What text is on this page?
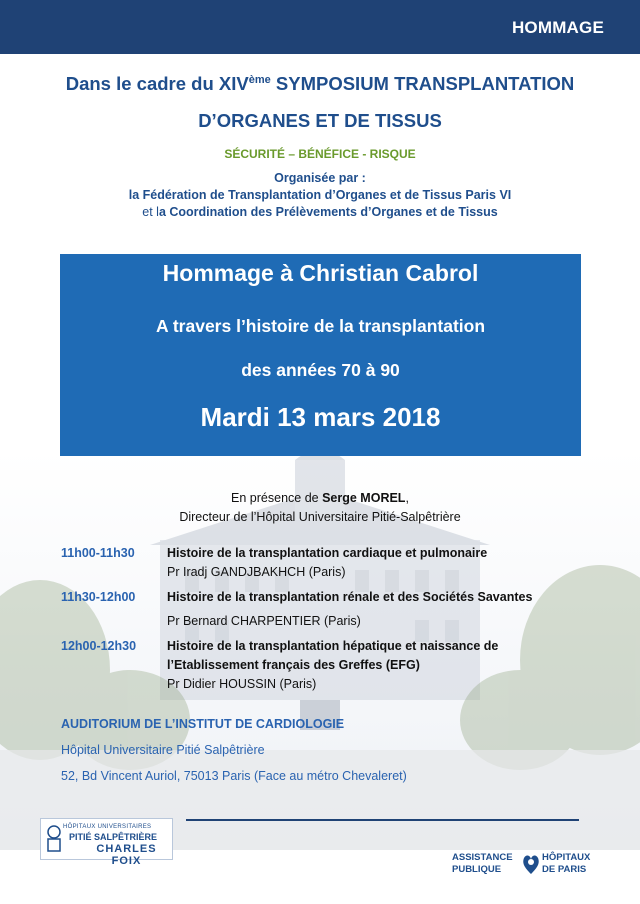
HOMMAGE
Dans le cadre du XIVème SYMPOSIUM TRANSPLANTATION
D’ORGANES ET DE TISSUS
SÉCURITÉ – BÉNÉFICE - RISQUE
Organisée par :
la Fédération de Transplantation d’Organes et de Tissus Paris VI
et la Coordination des Prélèvements d’Organes et de Tissus
Hommage à Christian Cabrol
A travers l’histoire de la transplantation
des années 70 à 90
Mardi 13 mars 2018
En présence de Serge MOREL,
Directeur de l’Hôpital Universitaire Pitié-Salpêtrière
11h00-11h30	Histoire de la transplantation cardiaque et pulmonaire
Pr Iradj GANDJBAKHCH (Paris)
11h30-12h00	Histoire de la transplantation rénale et des Sociétés Savantes
Pr Bernard CHARPENTIER (Paris)
12h00-12h30 Histoire de la transplantation hépatique et naissance de
l’Etablissement français des Greffes (EFG)
Pr Didier HOUSSIN (Paris)
AUDITORIUM DE L’INSTITUT DE CARDIOLOGIE
Hôpital Universitaire Pitié Salpêtrière
52, Bd Vincent Auriol, 75013 Paris (Face au métro Chevaleret)
HÔPITAUX UNIVERSITAIRES
PITIÉ SALPÊTRIÈRE
CHARLES FOIX	ASSISTANCE
PUBLIQUE
HÔPITAUX
DE PARIS
